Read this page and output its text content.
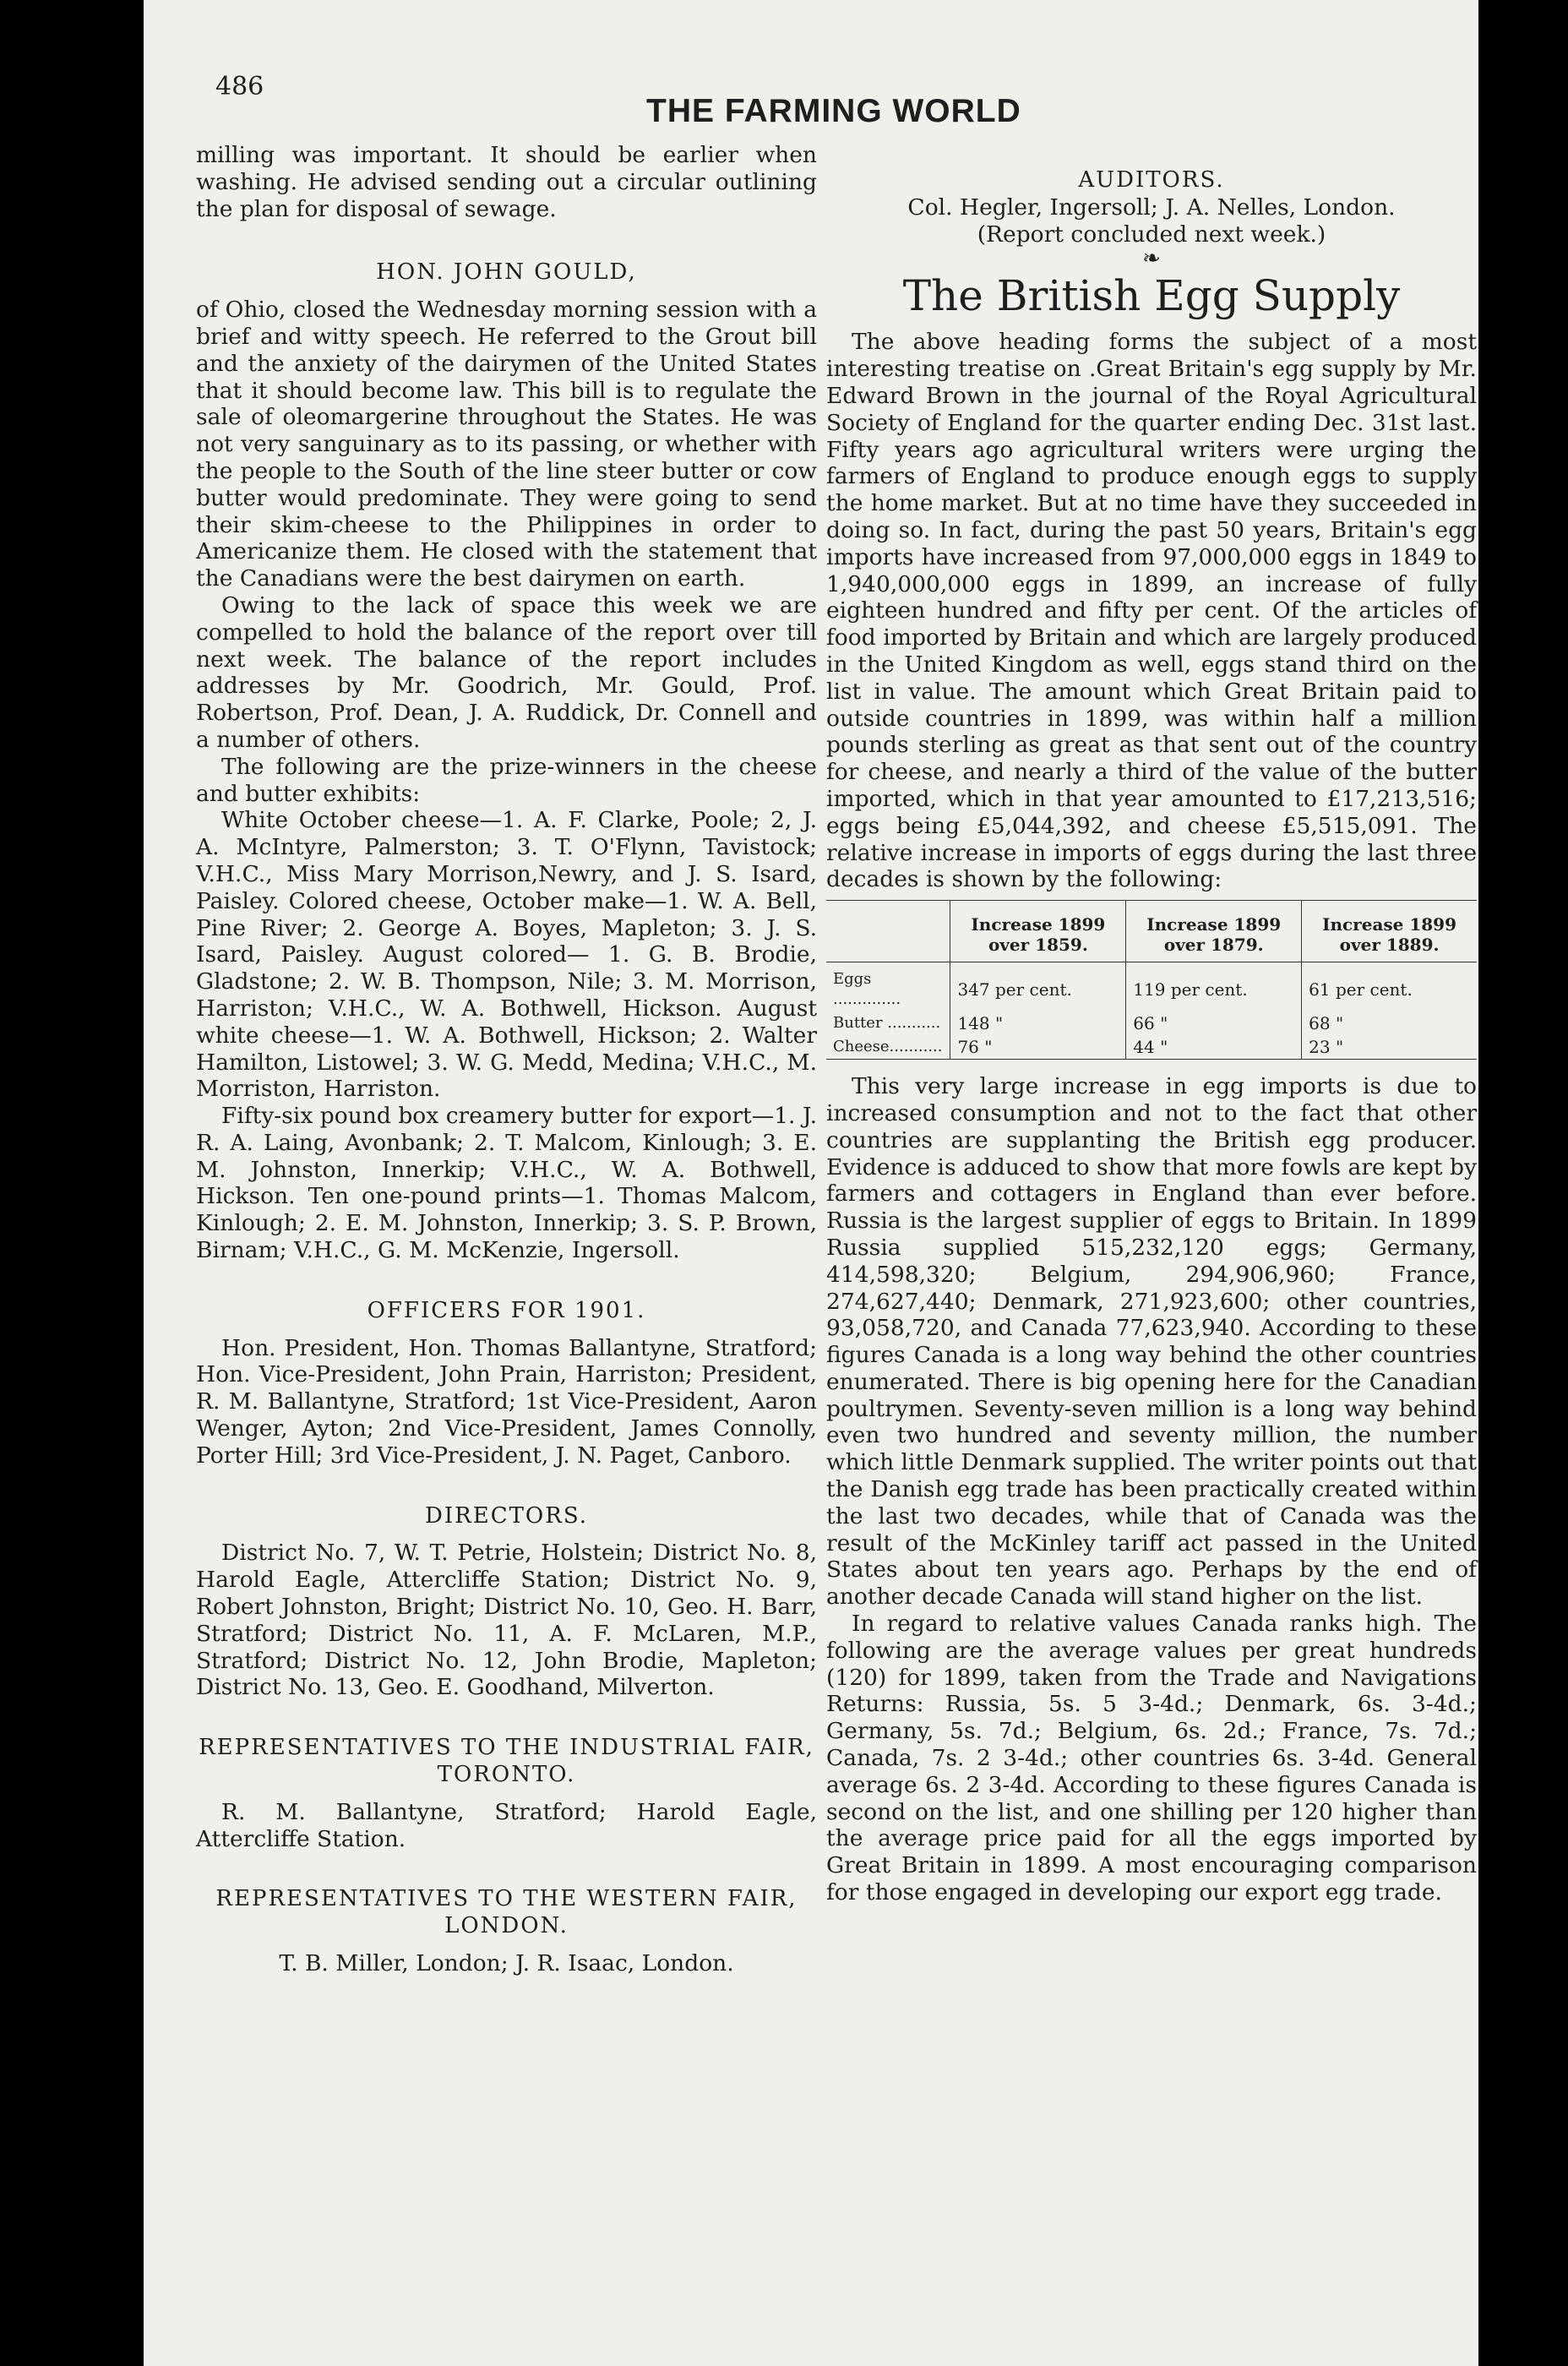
486
THE FARMING WORLD

milling was important. It should be earlier when washing. He advised sending out a circular outlining the plan for disposal of sewage.

HON. JOHN GOULD,

of Ohio, closed the Wednesday morning session with a brief and witty speech. He referred to the Grout bill and the anxiety of the dairymen of the United States that it should become law. This bill is to regulate the sale of oleomargerine throughout the States. He was not very sanguinary as to its passing, or whether with the people to the South of the line steer butter or cow butter would predominate. They were going to send their skim-cheese to the Philippines in order to Americanize them. He closed with the statement that the Canadians were the best dairymen on earth.

Owing to the lack of space this week we are compelled to hold the balance of the report over till next week. The balance of the report includes addresses by Mr. Goodrich, Mr. Gould, Prof. Robertson, Prof. Dean, J. A. Ruddick, Dr. Connell and a number of others.

The following are the prize-winners in the cheese and butter exhibits:

White October cheese—1. A. F. Clarke, Poole; 2, J. A. McIntyre, Palmerston; 3. T. O'Flynn, Tavistock; V.H.C., Miss Mary Morrison,Newry, and J. S. Isard, Paisley. Colored cheese, October make—1. W. A. Bell, Pine River; 2. George A. Boyes, Mapleton; 3. J. S. Isard, Paisley. August colored— 1. G. B. Brodie, Gladstone; 2. W. B. Thompson, Nile; 3. M. Morrison, Harriston; V.H.C., W. A. Bothwell, Hickson. August white cheese—1. W. A. Bothwell, Hickson; 2. Walter Hamilton, Listowel; 3. W. G. Medd, Medina; V.H.C., M. Morriston, Harriston.

Fifty-six pound box creamery butter for export—1. J. R. A. Laing, Avonbank; 2. T. Malcom, Kinlough; 3. E. M. Johnston, Innerkip; V.H.C., W. A. Bothwell, Hickson. Ten one-pound prints—1. Thomas Malcom, Kinlough; 2. E. M. Johnston, Innerkip; 3. S. P. Brown, Birnam; V.H.C., G. M. McKenzie, Ingersoll.

OFFICERS FOR 1901.

Hon. President, Hon. Thomas Ballantyne, Stratford; Hon. Vice-President, John Prain, Harriston; President, R. M. Ballantyne, Stratford; 1st Vice-President, Aaron Wenger, Ayton; 2nd Vice-President, James Connolly, Porter Hill; 3rd Vice-President, J. N. Paget, Canboro.

DIRECTORS.

District No. 7, W. T. Petrie, Holstein; District No. 8, Harold Eagle, Attercliffe Station; District No. 9, Robert Johnston, Bright; District No. 10, Geo. H. Barr, Stratford; District No. 11, A. F. McLaren, M.P., Stratford; District No. 12, John Brodie, Mapleton; District No. 13, Geo. E. Goodhand, Milverton.

REPRESENTATIVES TO THE INDUSTRIAL FAIR, TORONTO.

R. M. Ballantyne, Stratford; Harold Eagle, Attercliffe Station.

REPRESENTATIVES TO THE WESTERN FAIR, LONDON.

T. B. Miller, London; J. R. Isaac, London.

AUDITORS.

Col. Hegler, Ingersoll; J. A. Nelles, London.

(Report concluded next week.)

❧
The British Egg Supply

The above heading forms the subject of a most interesting treatise on .Great Britain's egg supply by Mr. Edward Brown in the journal of the Royal Agricultural Society of England for the quarter ending Dec. 31st last. Fifty years ago agricultural writers were urging the farmers of England to produce enough eggs to supply the home market. But at no time have they succeeded in doing so. In fact, during the past 50 years, Britain's egg imports have increased from 97,000,000 eggs in 1849 to 1,940,000,000 eggs in 1899, an increase of fully eighteen hundred and fifty per cent. Of the articles of food imported by Britain and which are largely produced in the United Kingdom as well, eggs stand third on the list in value. The amount which Great Britain paid to outside countries in 1899, was within half a million pounds sterling as great as that sent out of the country for cheese, and nearly a third of the value of the butter imported, which in that year amounted to £17,213,516; eggs being £5,044,392, and cheese £5,515,091. The relative increase in imports of eggs during the last three decades is shown by the following:

	Increase 1899 over 1859.	Increase 1899 over 1879.	Increase 1899 over 1889.
Eggs ..............	347 per cent.	119 per cent.	61 per cent.
Butter ...........	148 "	66 "	68 "
Cheese...........	76 "	44 "	23 "

This very large increase in egg imports is due to increased consumption and not to the fact that other countries are supplanting the British egg producer. Evidence is adduced to show that more fowls are kept by farmers and cottagers in England than ever before. Russia is the largest supplier of eggs to Britain. In 1899 Russia supplied 515,232,120 eggs; Germany, 414,598,320; Belgium, 294,906,960; France, 274,627,440; Denmark, 271,923,600; other countries, 93,058,720, and Canada 77,623,940. According to these figures Canada is a long way behind the other countries enumerated. There is big opening here for the Canadian poultrymen. Seventy-seven million is a long way behind even two hundred and seventy million, the number which little Denmark supplied. The writer points out that the Danish egg trade has been practically created within the last two decades, while that of Canada was the result of the McKinley tariff act passed in the United States about ten years ago. Perhaps by the end of another decade Canada will stand higher on the list.

In regard to relative values Canada ranks high. The following are the average values per great hundreds (120) for 1899, taken from the Trade and Navigations Returns: Russia, 5s. 5 3-4d.; Denmark, 6s. 3-4d.; Germany, 5s. 7d.; Belgium, 6s. 2d.; France, 7s. 7d.; Canada, 7s. 2 3-4d.; other countries 6s. 3-4d. General average 6s. 2 3-4d. According to these figures Canada is second on the list, and one shilling per 120 higher than the average price paid for all the eggs imported by Great Britain in 1899. A most encouraging comparison for those engaged in developing our export egg trade.
